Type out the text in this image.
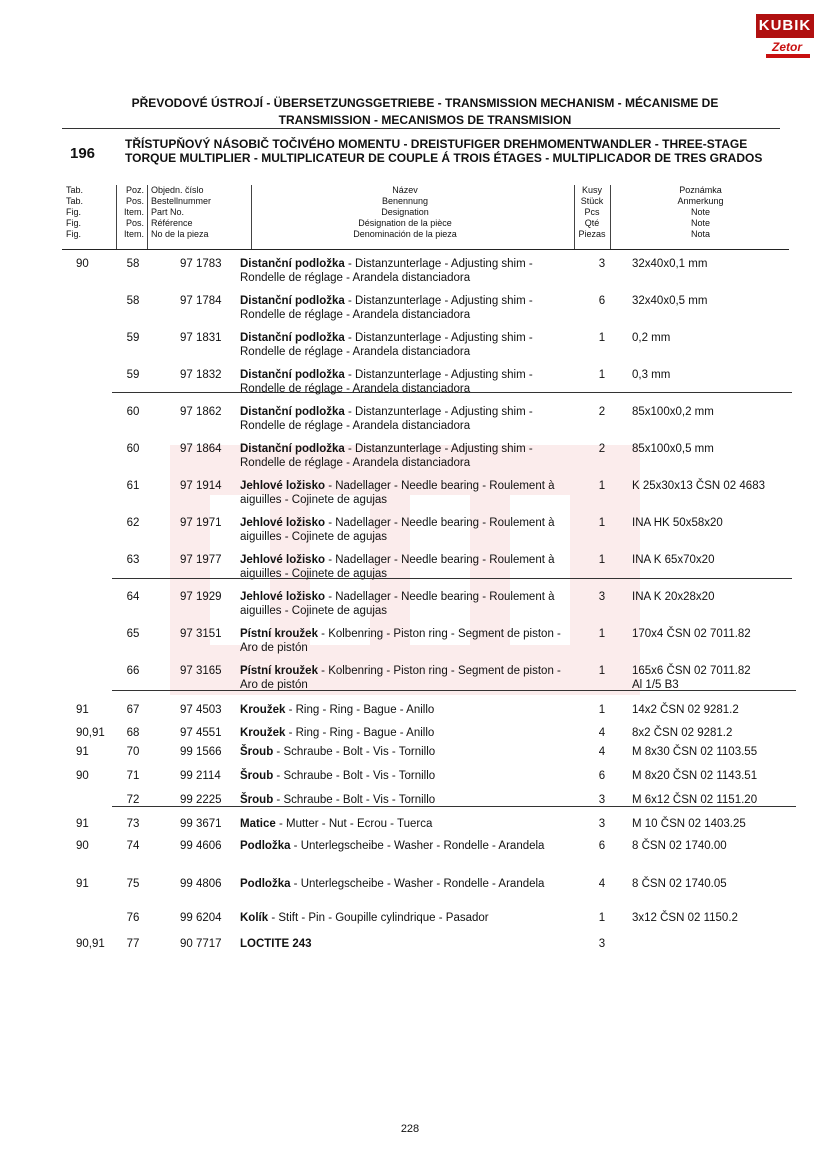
KUBIK
Zetor
PŘEVODOVÉ ÚSTROJÍ - ÜBERSETZUNGSGETRIEBE - TRANSMISSION MECHANISM - MÉCANISME DE
TRANSMISSION - MECANISMOS DE TRANSMISION
196
TŘÍSTUPŇOVÝ NÁSOBIČ TOČIVÉHO MOMENTU - DREISTUFIGER DREHMOMENTWANDLER - THREE-STAGE TORQUE MULTIPLIER - MULTIPLICATEUR DE COUPLE Á TROIS ÉTAGES - MULTIPLICADOR DE TRES GRADOS
Tab.
Tab.
Fig.
Fig.
Fig.
Poz.
Pos.
Item.
Pos.
Item.
Objedn. číslo
Bestellnummer
Part No.
Référence
No de la pieza
Název
Benennung
Designation
Désignation de la pièce
Denominación de la pieza
Kusy
Stück
Pcs
Qté
Piezas
Poznámka
Anmerkung
Note
Note
Nota
90	58	97 1783	3
Distanční podložka - Distanzunterlage - Adjusting shim - Rondelle de réglage - Arandela distanciadora
32x40x0,1 mm
58	97 1784	6
Distanční podložka - Distanzunterlage - Adjusting shim - Rondelle de réglage - Arandela distanciadora
32x40x0,5 mm
59	97 1831	1
Distanční podložka - Distanzunterlage - Adjusting shim - Rondelle de réglage - Arandela distanciadora
0,2 mm
59	97 1832	1
Distanční podložka - Distanzunterlage - Adjusting shim - Rondelle de réglage - Arandela distanciadora
0,3 mm
60	97 1862	2
Distanční podložka - Distanzunterlage - Adjusting shim - Rondelle de réglage - Arandela distanciadora
85x100x0,2 mm
60	97 1864	2
Distanční podložka - Distanzunterlage - Adjusting shim - Rondelle de réglage - Arandela distanciadora
85x100x0,5 mm
61	97 1914	1
Jehlové ložisko - Nadellager - Needle bearing - Roulement à aiguilles - Cojinete de agujas
K 25x30x13 ČSN 02 4683
62	97 1971	1
Jehlové ložisko - Nadellager - Needle bearing - Roulement à aiguilles - Cojinete de agujas
INA HK 50x58x20
63	97 1977	1
Jehlové ložisko - Nadellager - Needle bearing - Roulement à aiguilles - Cojinete de agujas
INA K 65x70x20
64	97 1929	3
Jehlové ložisko - Nadellager - Needle bearing - Roulement à aiguilles - Cojinete de agujas
INA K 20x28x20
65	97 3151	1
Pístní kroužek - Kolbenring - Piston ring - Segment de piston - Aro de pistón
170x4 ČSN 02 7011.82
66	97 3165	1
Pístní kroužek - Kolbenring - Piston ring - Segment de piston - Aro de pistón
165x6 ČSN 02 7011.82
Al 1/5 B3
91	67	97 4503	1
Kroužek - Ring - Ring - Bague - Anillo	14x2 ČSN 02 9281.2
90,91	68	97 4551	4
Kroužek - Ring - Ring - Bague - Anillo	8x2 ČSN 02 9281.2
91	70	99 1566	4
Šroub - Schraube - Bolt - Vis - Tornillo	M 8x30 ČSN 02 1103.55
90	71	99 2114	6
Šroub - Schraube - Bolt - Vis - Tornillo	M 8x20 ČSN 02 1143.51
72	99 2225	3
Šroub - Schraube - Bolt - Vis - Tornillo	M 6x12 ČSN 02 1151.20
91	73	99 3671	3
Matice - Mutter - Nut - Ecrou - Tuerca	M 10 ČSN 02 1403.25
90	74	99 4606	6
Podložka - Unterlegscheibe - Washer - Rondelle - Arandela	8 ČSN 02 1740.00
91	75	99 4806	4
Podložka - Unterlegscheibe - Washer - Rondelle - Arandela	8 ČSN 02 1740.05
76	99 6204	1
Kolík - Stift - Pin - Goupille cylindrique - Pasador	3x12 ČSN 02 1150.2
90,91	77	90 7717	3
LOCTITE 243
228
